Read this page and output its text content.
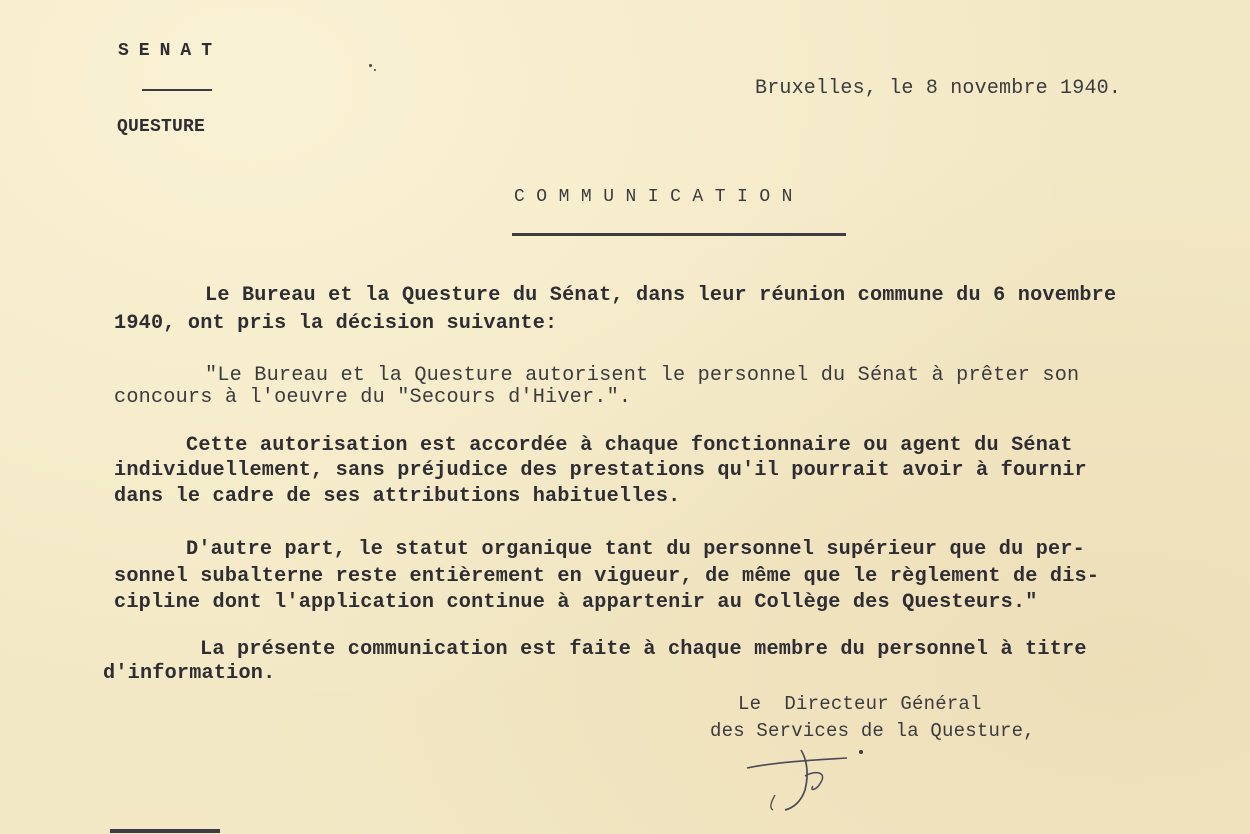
SENAT
QUESTURE
Bruxelles, le 8 novembre 1940.
COMMUNICATION
Le Bureau et la Questure du Sénat, dans leur réunion commune du 6 novembre
1940, ont pris la décision suivante:
"Le Bureau et la Questure autorisent le personnel du Sénat à prêter son
concours à l'oeuvre du "Secours d'Hiver.".
Cette autorisation est accordée à chaque fonctionnaire ou agent du Sénat
individuellement, sans préjudice des prestations qu'il pourrait avoir à fournir
dans le cadre de ses attributions habituelles.
D'autre part, le statut organique tant du personnel supérieur que du per-
sonnel subalterne reste entièrement en vigueur, de même que le règlement de dis-
cipline dont l'application continue à appartenir au Collège des Questeurs."
La présente communication est faite à chaque membre du personnel à titre
d'information.
Le  Directeur Général
des Services de la Questure,
